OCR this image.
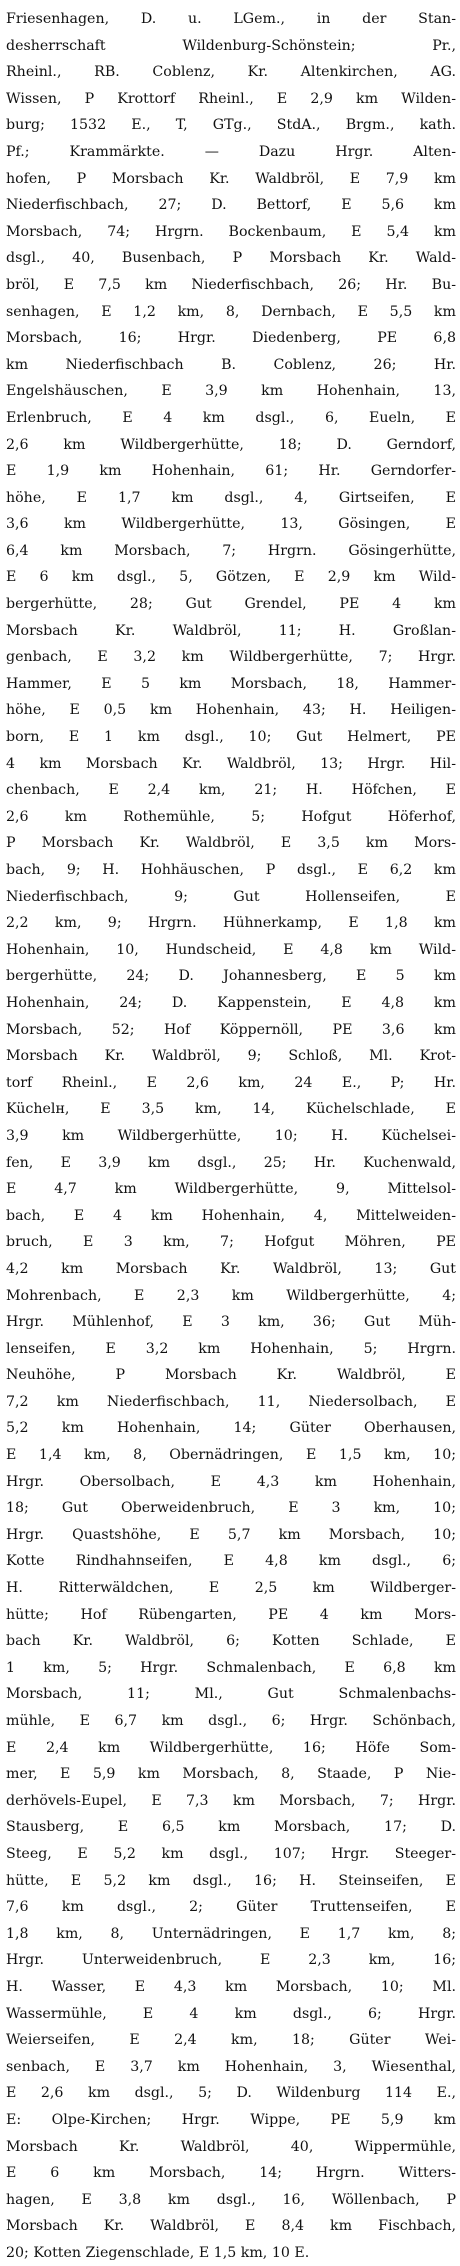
Friesenhagen, D. u. LGem., in der Stan-
desherrschaft Wildenburg-Schönstein; Pr.,
Rheinl., RB. Coblenz, Kr. Altenkirchen, AG.
Wissen, P Krottorf Rheinl., E 2,9 km Wilden-
burg; 1532 E., T, GTg., StdA., Brgm., kath.
Pf.; Krammärkte. — Dazu Hrgr. Alten-
hofen, P Morsbach Kr. Waldbröl, E 7,9 km
Niederfischbach, 27; D. Bettorf, E 5,6 km
Morsbach, 74; Hrgrn. Bockenbaum, E 5,4 km
dsgl., 40, Busenbach, P Morsbach Kr. Wald-
bröl, E 7,5 km Niederfischbach, 26; Hr. Bu-
senhagen, E 1,2 km, 8, Dernbach, E 5,5 km
Morsbach, 16; Hrgr. Diedenberg, PE 6,8
km Niederfischbach B. Coblenz, 26; Hr.
Engelshäuschen, E 3,9 km Hohenhain, 13,
Erlenbruch, E 4 km dsgl., 6, Eueln, E
2,6 km Wildbergerhütte, 18; D. Gerndorf,
E 1,9 km Hohenhain, 61; Hr. Gerndorfer-
höhe, E 1,7 km dsgl., 4, Girtseifen, E
3,6 km Wildbergerhütte, 13, Gösingen, E
6,4 km Morsbach, 7; Hrgrn. Gösingerhütte,
E 6 km dsgl., 5, Götzen, E 2,9 km Wild-
bergerhütte, 28; Gut Grendel, PE 4 km
Morsbach Kr. Waldbröl, 11; H. Großlan-
genbach, E 3,2 km Wildbergerhütte, 7; Hrgr.
Hammer, E 5 km Morsbach, 18, Hammer-
höhe, E 0,5 km Hohenhain, 43; H. Heiligen-
born, E 1 km dsgl., 10; Gut Helmert, PE
4 km Morsbach Kr. Waldbröl, 13; Hrgr. Hil-
chenbach, E 2,4 km, 21; H. Höfchen, E
2,6 km Rothemühle, 5; Hofgut Höferhof,
P Morsbach Kr. Waldbröl, E 3,5 km Mors-
bach, 9; H. Hohhäuschen, P dsgl., E 6,2 km
Niederfischbach, 9; Gut Hollenseifen, E
2,2 km, 9; Hrgrn. Hühnerkamp, E 1,8 km
Hohenhain, 10, Hundscheid, E 4,8 km Wild-
bergerhütte, 24; D. Johannesberg, E 5 km
Hohenhain, 24; D. Kappenstein, E 4,8 km
Morsbach, 52; Hof Köppernöll, PE 3,6 km
Morsbach Kr. Waldbröl, 9; Schloß, Ml. Krot-
torf Rheinl., E 2,6 km, 24 E., P; Hr.
Küchelн, E 3,5 km, 14, Küchelschlade, E
3,9 km Wildbergerhütte, 10; H. Küchelsei-
fen, E 3,9 km dsgl., 25; Hr. Kuchenwald,
E 4,7 km Wildbergerhütte, 9, Mittelsol-
bach, E 4 km Hohenhain, 4, Mittelweiden-
bruch, E 3 km, 7; Hofgut Möhren, PE
4,2 km Morsbach Kr. Waldbröl, 13; Gut
Mohrenbach, E 2,3 km Wildbergerhütte, 4;
Hrgr. Mühlenhof, E 3 km, 36; Gut Müh-
lenseifen, E 3,2 km Hohenhain, 5; Hrgrn.
Neuhöhe, P Morsbach Kr. Waldbröl, E
7,2 km Niederfischbach, 11, Niedersolbach, E
5,2 km Hohenhain, 14; Güter Oberhausen,
E 1,4 km, 8, Obernädringen, E 1,5 km, 10;
Hrgr. Obersolbach, E 4,3 km Hohenhain,
18; Gut Oberweidenbruch, E 3 km, 10;
Hrgr. Quastshöhe, E 5,7 km Morsbach, 10;
Kotte Rindhahnseifen, E 4,8 km dsgl., 6;
H. Ritterwäldchen, E 2,5 km Wildberger-
hütte; Hof Rübengarten, PE 4 km Mors-
bach Kr. Waldbröl, 6; Kotten Schlade, E
1 km, 5; Hrgr. Schmalenbach, E 6,8 km
Morsbach, 11; Ml., Gut Schmalenbachs-
mühle, E 6,7 km dsgl., 6; Hrgr. Schönbach,
E 2,4 km Wildbergerhütte, 16; Höfe Som-
mer, E 5,9 km Morsbach, 8, Staade, P Nie-
derhövels-Eupel, E 7,3 km Morsbach, 7; Hrgr.
Stausberg, E 6,5 km Morsbach, 17; D.
Steeg, E 5,2 km dsgl., 107; Hrgr. Steeger-
hütte, E 5,2 km dsgl., 16; H. Steinseifen, E
7,6 km dsgl., 2; Güter Truttenseifen, E
1,8 km, 8, Unternädringen, E 1,7 km, 8;
Hrgr. Unterweidenbruch, E 2,3 km, 16;
H. Wasser, E 4,3 km Morsbach, 10; Ml.
Wassermühle, E 4 km dsgl., 6; Hrgr.
Weierseifen, E 2,4 km, 18; Güter Wei-
senbach, E 3,7 km Hohenhain, 3, Wiesenthal,
E 2,6 km dsgl., 5; D. Wildenburg 114 E.,
E: Olpe-Kirchen; Hrgr. Wippe, PE 5,9 km
Morsbach Kr. Waldbröl, 40, Wippermühle,
E 6 km Morsbach, 14; Hrgrn. Witters-
hagen, E 3,8 km dsgl., 16, Wöllenbach, P
Morsbach Kr. Waldbröl, E 8,4 km Fischbach,
20; Kotten Ziegenschlade, E 1,5 km, 10 E.
